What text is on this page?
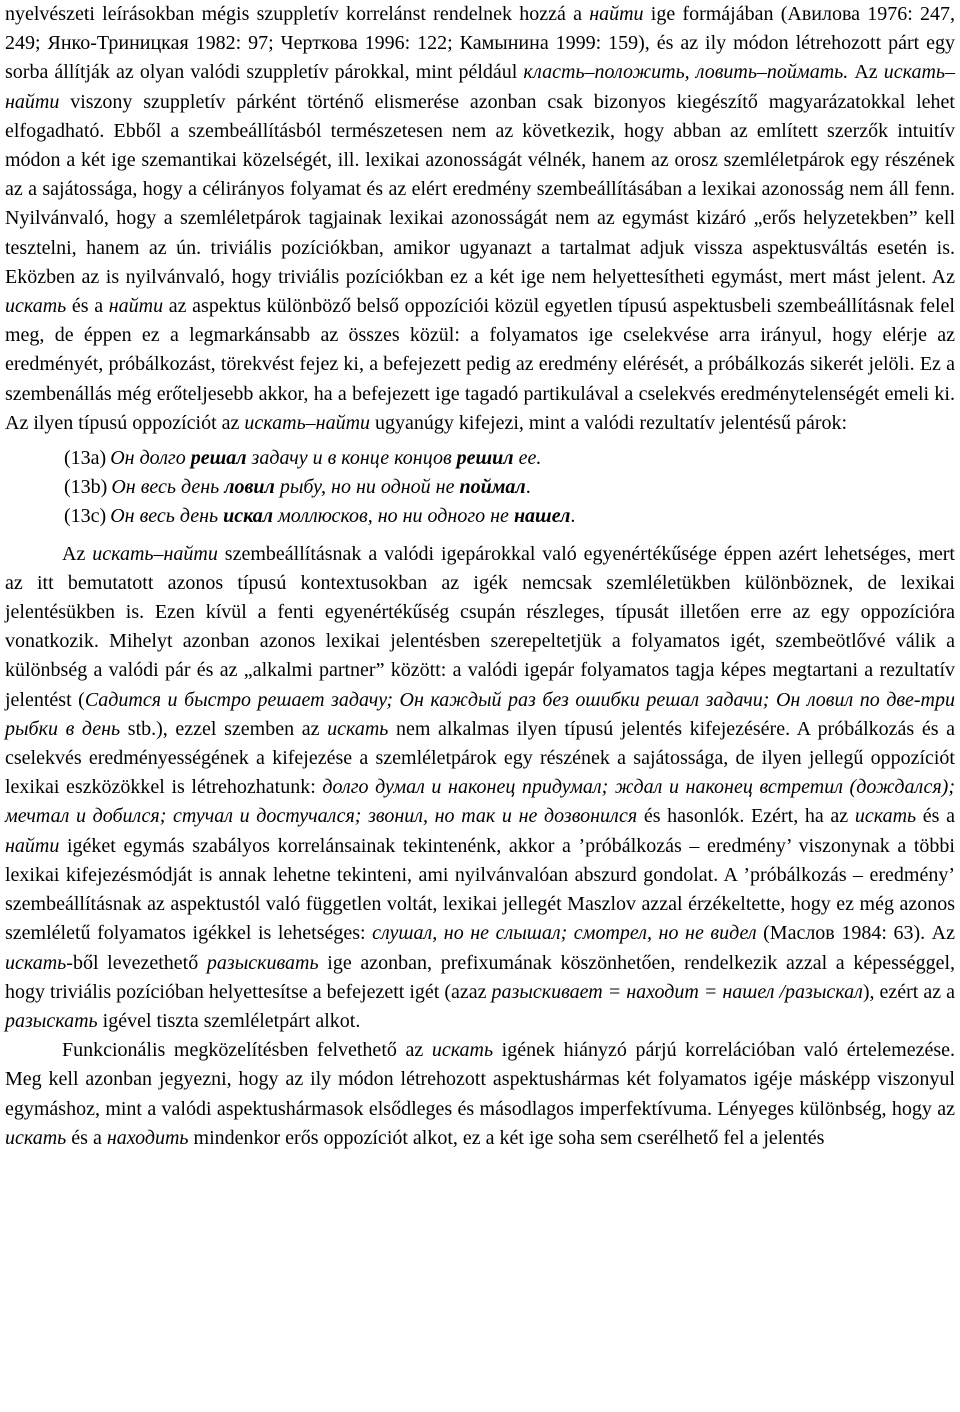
nyelvészeti leírásokban mégis szuppletív korrelánst rendelnek hozzá a найти ige formájában (Авилова 1976: 247, 249; Янко-Триницкая 1982: 97; Черткова 1996: 122; Камынина 1999: 159), és az ily módon létrehozott párt egy sorba állítják az olyan valódi szuppletív párokkal, mint például класть–положить, ловить–поймать. Az искать–найти viszony szuppletív párként történő elismerése azonban csak bizonyos kiegészítő magyarázatokkal lehet elfogadható. Ebből a szembeállításból természetesen nem az következik, hogy abban az említett szerzők intuitív módon a két ige szemantikai közelségét, ill. lexikai azonosságát vélnék, hanem az orosz szemléletpárok egy részének az a sajátossága, hogy a célirányos folyamat és az elért eredmény szembeállításában a lexikai azonosság nem áll fenn. Nyilvánvaló, hogy a szemléletpárok tagjainak lexikai azonosságát nem az egymást kizáró „erős helyzetekben” kell tesztelni, hanem az ún. triviális pozíciókban, amikor ugyanazt a tartalmat adjuk vissza aspektusváltás esetén is. Eközben az is nyilvánvaló, hogy triviális pozíciókban ez a két ige nem helyettesítheti egymást, mert mást jelent. Az искать és a найти az aspektus különböző belső oppozíciói közül egyetlen típusú aspektusbeli szembeállításnak felel meg, de éppen ez a legmarkánsabb az összes közül: a folyamatos ige cselekvése arra irányul, hogy elérje az eredményét, próbálkozást, törekvést fejez ki, a befejezett pedig az eredmény elérését, a próbálkozás sikerét jelöli. Ez a szembenállás még erőteljesebb akkor, ha a befejezett ige tagadó partikulával a cselekvés eredménytelenségét emeli ki. Az ilyen típusú oppozíciót az искать–найти ugyanúgy kifejezi, mint a valódi rezultatív jelentésű párok:

(13a) Он долго решал задачу и в конце концов решил ее.

(13b) Он весь день ловил рыбу, но ни одной не поймал.

(13c) Он весь день искал моллюсков, но ни одного не нашел.

Az искать–найти szembeállításnak a valódi igepárokkal való egyenértékűsége éppen azért lehetséges, mert az itt bemutatott azonos típusú kontextusokban az igék nemcsak szemléletükben különböznek, de lexikai jelentésükben is. Ezen kívül a fenti egyenértékűség csupán részleges, típusát illetően erre az egy oppozícióra vonatkozik. Mihelyt azonban azonos lexikai jelentésben szerepeltetjük a folyamatos igét, szembeötlővé válik a különbség a valódi pár és az „alkalmi partner” között: a valódi igepár folyamatos tagja képes megtartani a rezultatív jelentést (Садится и быстро решает задачу; Он каждый раз без ошибки решал задачи; Он ловил по две-три рыбки в день stb.), ezzel szemben az искать nem alkalmas ilyen típusú jelentés kifejezésére. A próbálkozás és a cselekvés eredményességének a kifejezése a szemléletpárok egy részének a sajátossága, de ilyen jellegű oppozíciót lexikai eszközökkel is létrehozhatunk: долго думал и наконец придумал; ждал и наконец встретил (дождался); мечтал и добился; стучал и достучался; звонил, но так и не дозвонился és hasonlók. Ezért, ha az искать és a найти igéket egymás szabályos korrelánsainak tekintenénk, akkor a ’próbálkozás – eredmény’ viszonynak a többi lexikai kifejezésmódját is annak lehetne tekinteni, ami nyilvánvalóan abszurd gondolat. A ’próbálkozás – eredmény’ szembeállításnak az aspektustól való független voltát, lexikai jellegét Maszlov azzal érzékeltette, hogy ez még azonos szemléletű folyamatos igékkel is lehetséges: слушал, но не слышал; смотрел, но не видел (Маслов 1984: 63). Az искать-ből levezethető разыскивать ige azonban, prefixumának köszönhetően, rendelkezik azzal a képességgel, hogy triviális pozícióban helyettesítse a befejezett igét (azaz разыскивает = находит = нашел /разыскал), ezért az a разыскать igével tiszta szemléletpárt alkot.

Funkcionális megközelítésben felvethető az искать igének hiányzó párjú korrelációban való értelemezése. Meg kell azonban jegyezni, hogy az ily módon létrehozott aspektushármas két folyamatos igéje másképp viszonyul egymáshoz, mint a valódi aspektushármasok elsődleges és másodlagos imperfektívuma. Lényeges különbség, hogy az искать és a находить mindenkor erős oppozíciót alkot, ez a két ige soha sem cserélhető fel a jelentés
